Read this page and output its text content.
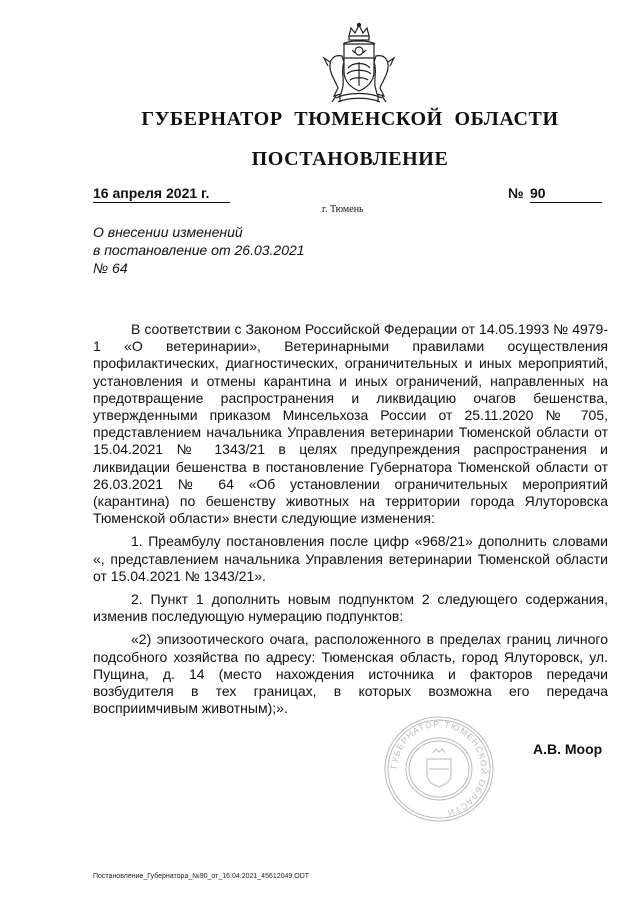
ГУБЕРНАТОР ТЮМЕНСКОЙ ОБЛАСТИ
ПОСТАНОВЛЕНИЕ
16 апреля 2021 г.	№ 90
г. Тюмень
О внесении изменений
в постановление от 26.03.2021
№ 64

В соответствии с Законом Российской Федерации от 14.05.1993 № 4979-1 «О ветеринарии», Ветеринарными правилами осуществления профилактических, диагностических, ограничительных и иных мероприятий, установления и отмены карантина и иных ограничений, направленных на предотвращение распространения и ликвидацию очагов бешенства, утвержденными приказом Минсельхоза России от 25.11.2020 № 705, представлением начальника Управления ветеринарии Тюменской области от 15.04.2021 № 1343/21 в целях предупреждения распространения и ликвидации бешенства в постановление Губернатора Тюменской области от 26.03.2021 № 64 «Об установлении ограничительных мероприятий (карантина) по бешенству животных на территории города Ялуторовска Тюменской области» внести следующие изменения:

1. Преамбулу постановления после цифр «968/21» дополнить словами «, представлением начальника Управления ветеринарии Тюменской области от 15.04.2021 № 1343/21».

2. Пункт 1 дополнить новым подпунктом 2 следующего содержания, изменив последующую нумерацию подпунктов:

«2) эпизоотического очага, расположенного в пределах границ личного подсобного хозяйства по адресу: Тюменская область, город Ялуторовск, ул. Пущина, д. 14 (место нахождения источника и факторов передачи возбудителя в тех границах, в которых возможна его передача восприимчивым животным);».

ГУБЕРНАТОР ТЮМЕНСКОЙ ОБЛАСТИ
А.В. Моор
Постановление_Губернатора_№90_от_16.04.2021_45612049.ODT
